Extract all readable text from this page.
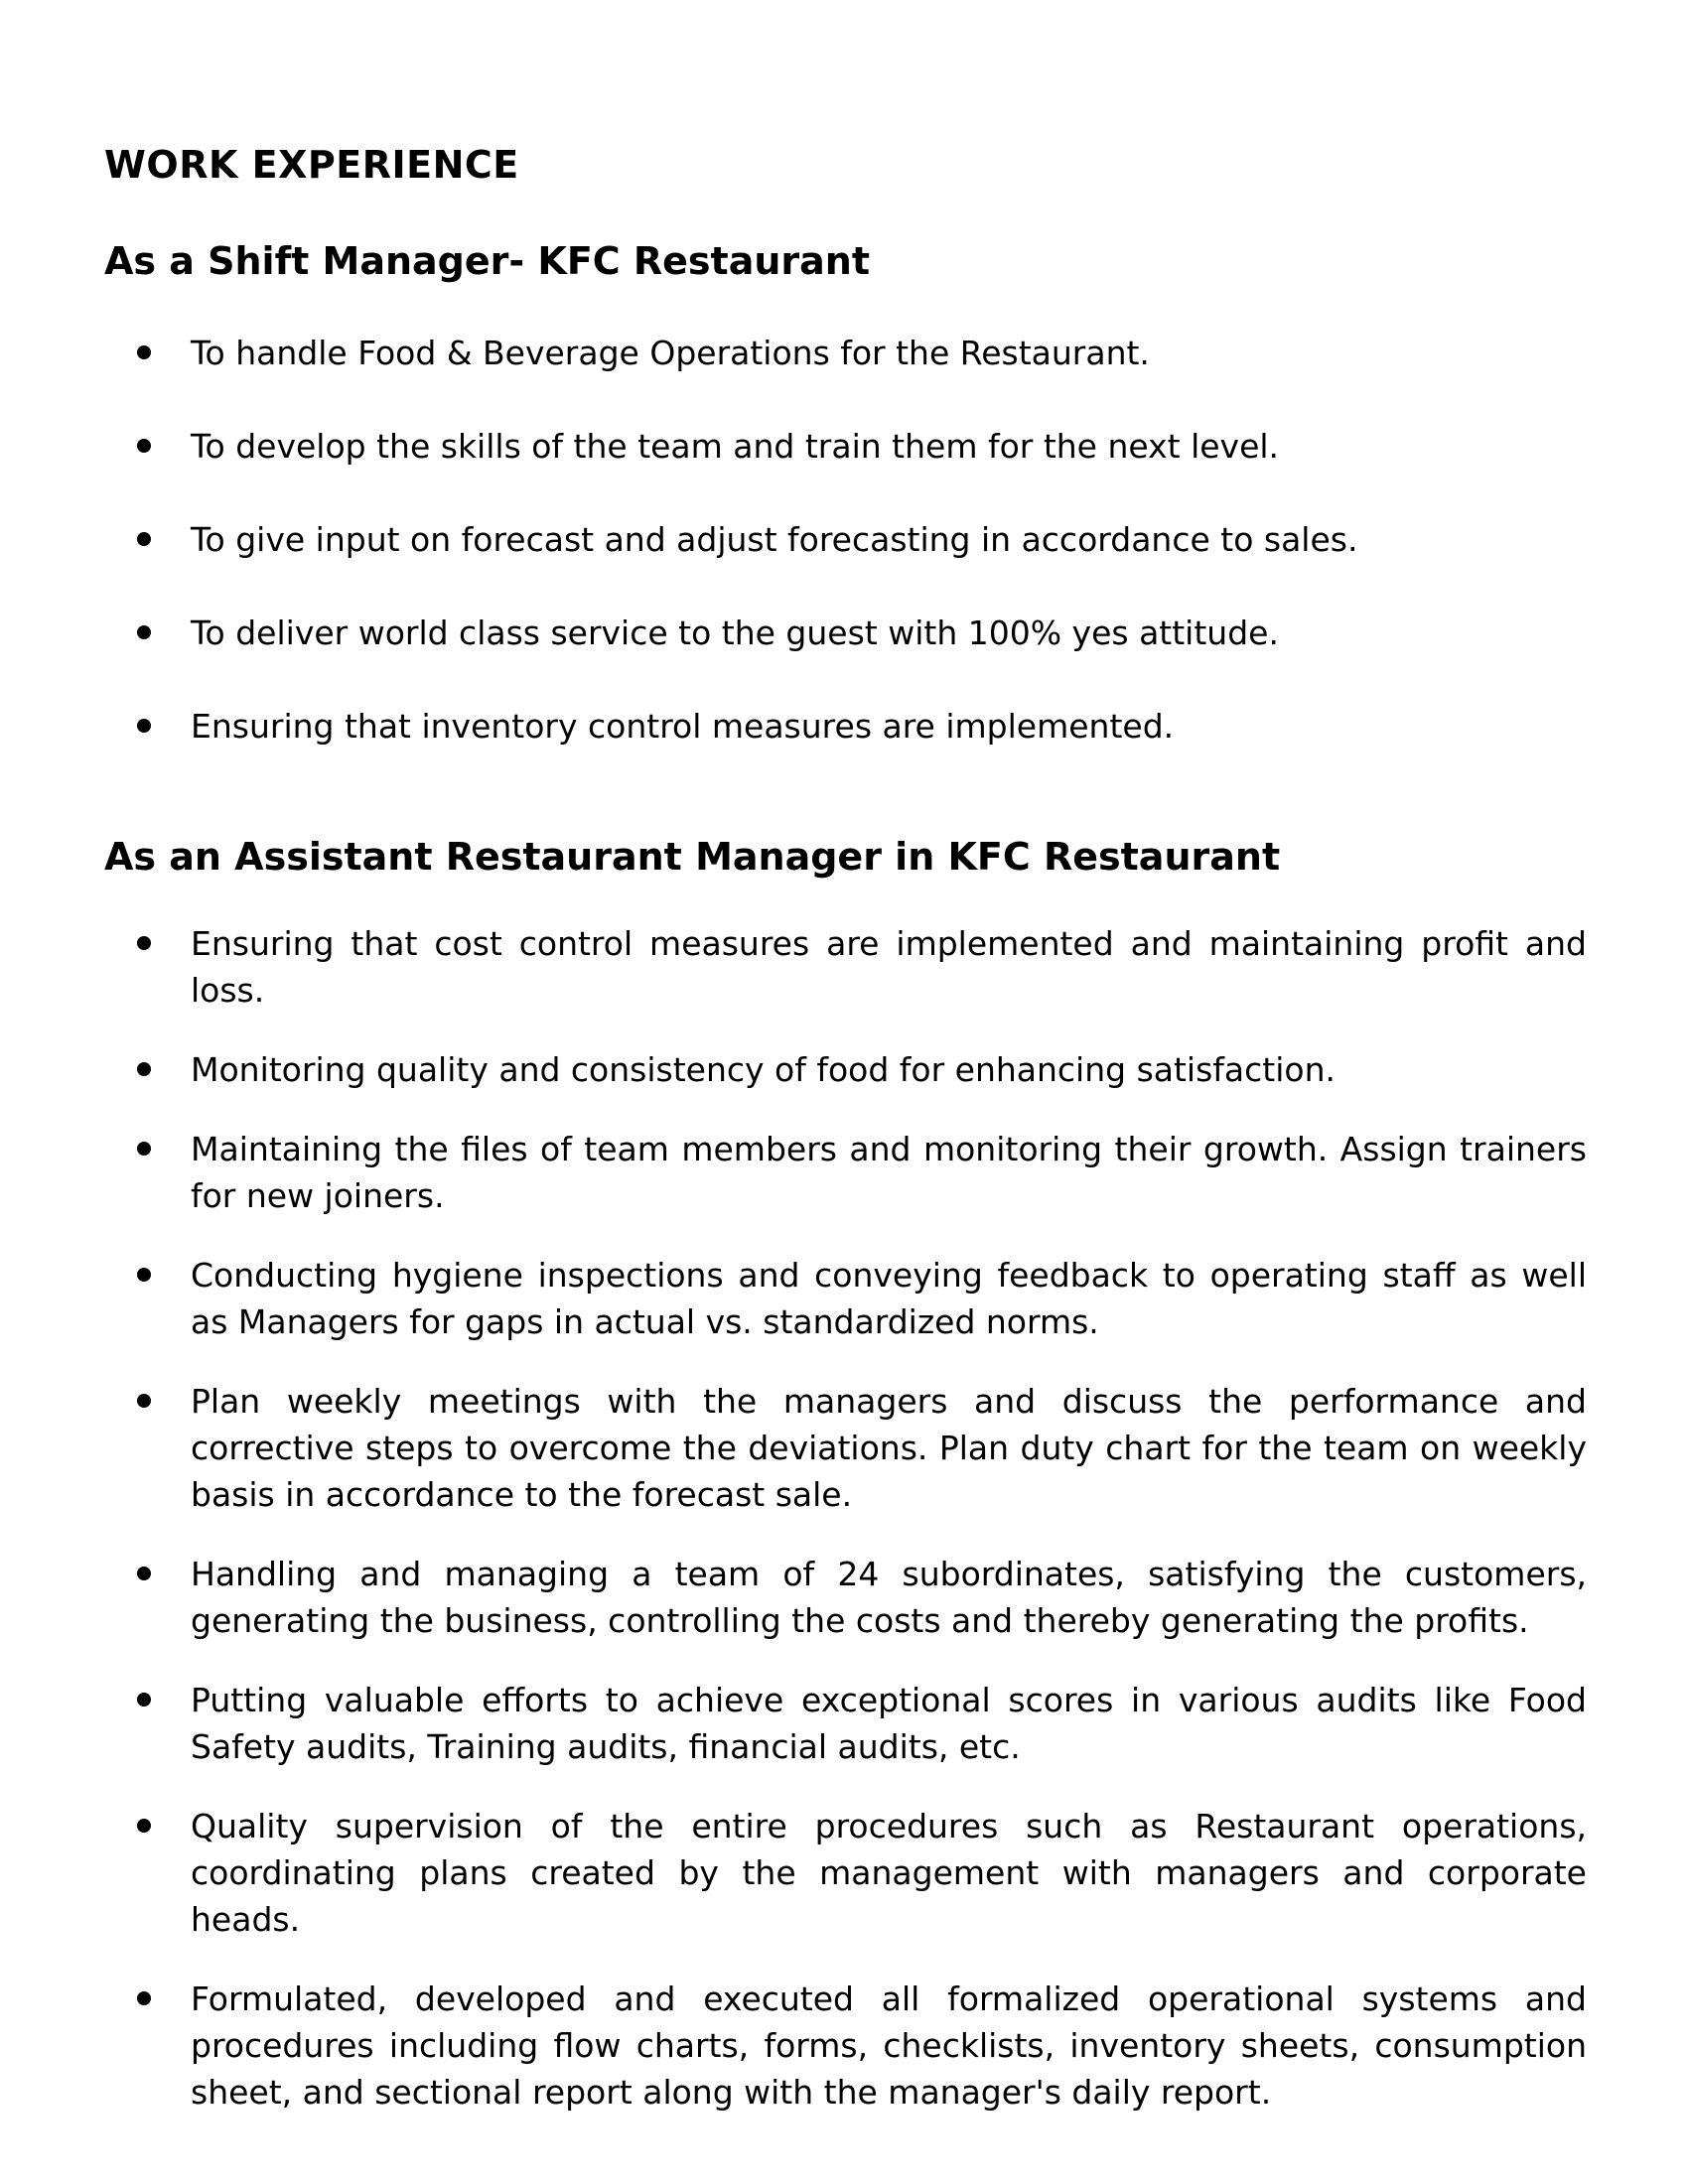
WORK EXPERIENCE
As a Shift Manager- KFC Restaurant
To handle Food & Beverage Operations for the Restaurant.
To develop the skills of the team and train them for the next level.
To give input on forecast and adjust forecasting in accordance to sales.
To deliver world class service to the guest with 100% yes attitude.
Ensuring that inventory control measures are implemented.
As an Assistant Restaurant Manager in KFC Restaurant
Ensuring that cost control measures are implemented and maintaining profit and loss.
Monitoring quality and consistency of food for enhancing satisfaction.
Maintaining the files of team members and monitoring their growth. Assign trainers for new joiners.
Conducting hygiene inspections and conveying feedback to operating staff as well as Managers for gaps in actual vs. standardized norms.
Plan weekly meetings with the managers and discuss the performance and corrective steps to overcome the deviations. Plan duty chart for the team on weekly basis in accordance to the forecast sale.
Handling and managing a team of 24 subordinates, satisfying the customers, generating the business, controlling the costs and thereby generating the profits.
Putting valuable efforts to achieve exceptional scores in various audits like Food Safety audits, Training audits, financial audits, etc.
Quality supervision of the entire procedures such as Restaurant operations, coordinating plans created by the management with managers and corporate heads.
Formulated, developed and executed all formalized operational systems and procedures including flow charts, forms, checklists, inventory sheets, consumption sheet, and sectional report along with the manager's daily report.
